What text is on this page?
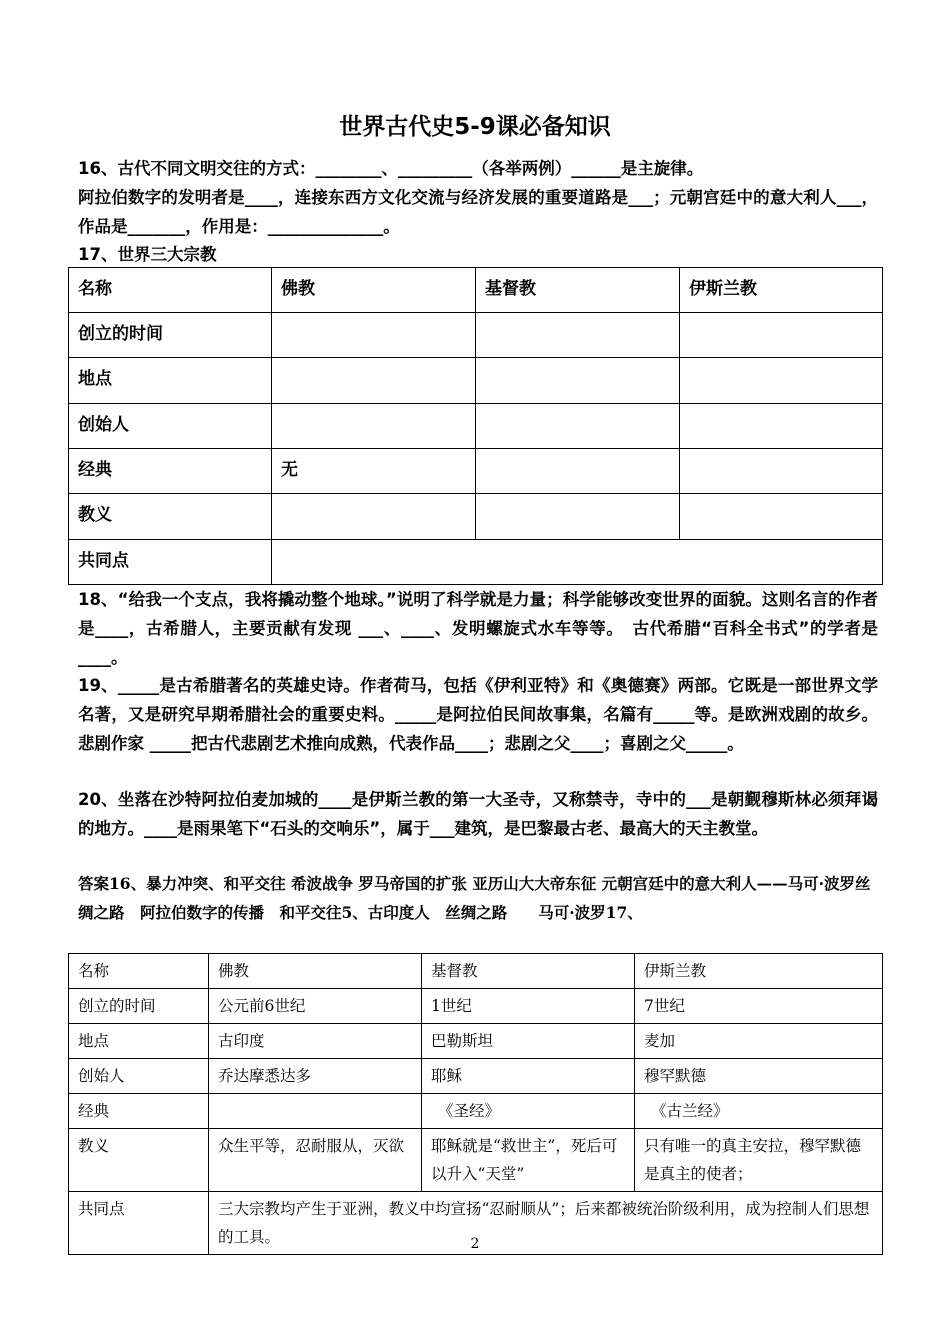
世界古代史5-9课必备知识
16、古代不同文明交往的方式：________、_________（各举两例）______是主旋律。
阿拉伯数字的发明者是____，连接东西方文化交流与经济发展的重要道路是___；元朝宫廷中的意大利人___，作品是_______，作用是：______________。
17、世界三大宗教
名称	佛教	基督教	伊斯兰教
创立的时间			
地点			
创始人			
经典	无		
教义			
共同点			
18、“给我一个支点，我将撬动整个地球。”说明了科学就是力量；科学能够改变世界的面貌。这则名言的作者是____，古希腊人，主要贡献有发现 ___、____、发明螺旋式水车等等。　古代希腊“百科全书式”的学者是 ____。
19、_____是古希腊著名的英雄史诗。作者荷马，包括《伊利亚特》和《奥德赛》两部。它既是一部世界文学名著，又是研究早期希腊社会的重要史料。_____是阿拉伯民间故事集，名篇有_____等。是欧洲戏剧的故乡。悲剧作家 _____把古代悲剧艺术推向成熟，代表作品____；悲剧之父____；喜剧之父_____。
20、坐落在沙特阿拉伯麦加城的____是伊斯兰教的第一大圣寺，又称禁寺，寺中的___是朝觐穆斯林必须拜谒的地方。____是雨果笔下“石头的交响乐”，属于___建筑，是巴黎最古老、最高大的天主教堂。
答案16、暴力冲突、和平交往 希波战争 罗马帝国的扩张 亚历山大大帝东征 元朝宫廷中的意大利人——马可·波罗丝绸之路　阿拉伯数字的传播　和平交往5、古印度人　丝绸之路　　马可·波罗17、
名称	佛教	基督教	伊斯兰教
创立的时间	公元前6世纪	1世纪	7世纪
地点	古印度	巴勒斯坦	麦加
创始人	乔达摩悉达多	耶稣	穆罕默德
经典		《圣经》	《古兰经》
教义	众生平等，忍耐服从，灭欲	耶稣就是“救世主”，死后可以升入“天堂”	只有唯一的真主安拉，穆罕默德是真主的使者；
共同点	三大宗教均产生于亚洲，教义中均宣扬“忍耐顺从”；后来都被统治阶级利用，成为控制人们思想的工具。			2
